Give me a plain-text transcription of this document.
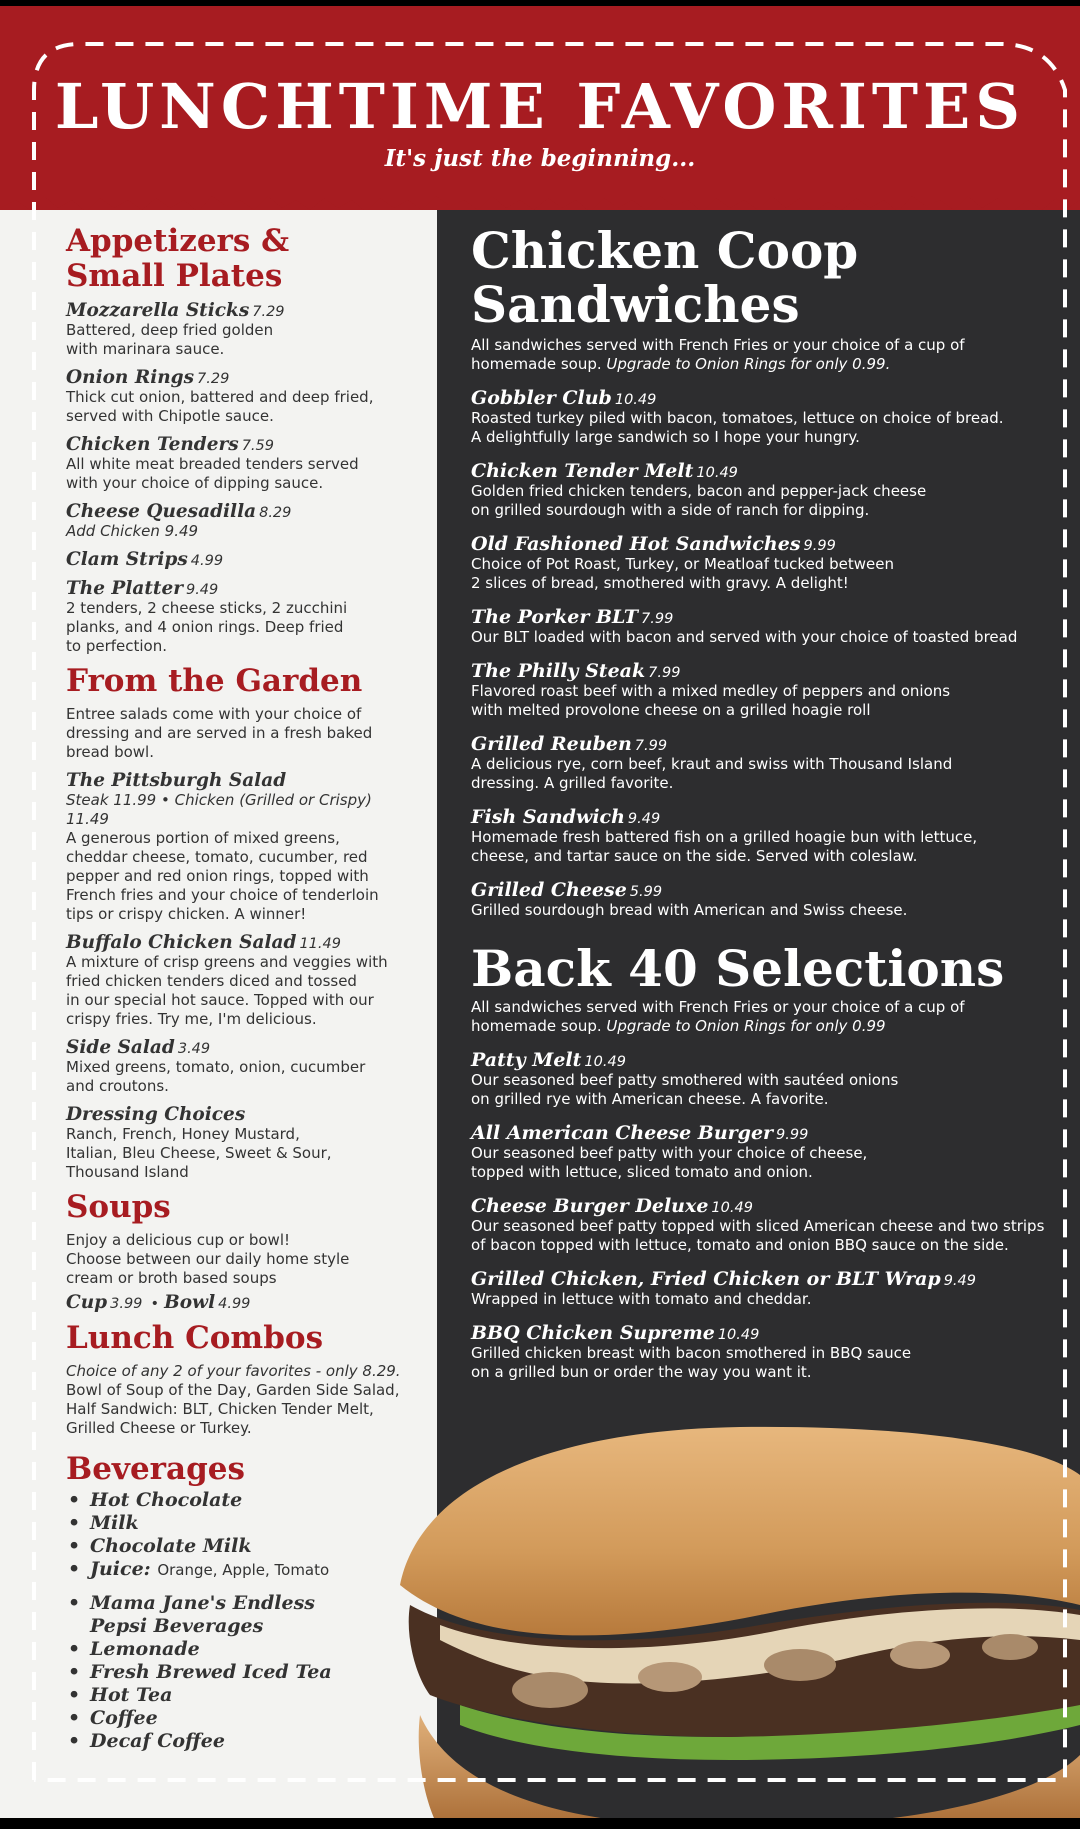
LUNCHTIME FAVORITES

It's just the beginning...

Appetizers &
Small Plates
Mozzarella Sticks 7.29
Battered, deep fried golden
with marinara sauce.
Onion Rings 7.29
Thick cut onion, battered and deep fried,
served with Chipotle sauce.
Chicken Tenders 7.59
All white meat breaded tenders served
with your choice of dipping sauce.
Cheese Quesadilla 8.29
Add Chicken 9.49
Clam Strips 4.99
The Platter 9.49
2 tenders, 2 cheese sticks, 2 zucchini
planks, and 4 onion rings. Deep fried
to perfection.
From the Garden
Entree salads come with your choice of
dressing and are served in a fresh baked
bread bowl.
The Pittsburgh Salad
Steak 11.99 • Chicken (Grilled or Crispy) 11.49
A generous portion of mixed greens,
cheddar cheese, tomato, cucumber, red
pepper and red onion rings, topped with
French fries and your choice of tenderloin
tips or crispy chicken. A winner!
Buffalo Chicken Salad 11.49
A mixture of crisp greens and veggies with
fried chicken tenders diced and tossed
in our special hot sauce. Topped with our
crispy fries. Try me, I'm delicious.
Side Salad 3.49
Mixed greens, tomato, onion, cucumber
and croutons.
Dressing Choices
Ranch, French, Honey Mustard,
Italian, Bleu Cheese, Sweet & Sour,
Thousand Island
Soups
Enjoy a delicious cup or bowl!
Choose between our daily home style
cream or broth based soups
Cup 3.99 • Bowl 4.99
Lunch Combos
Choice of any 2 of your favorites - only 8.29.
Bowl of Soup of the Day, Garden Side Salad,
Half Sandwich: BLT, Chicken Tender Melt,
Grilled Cheese or Turkey.
Beverages
• Hot Chocolate
• Milk
• Chocolate Milk
• Juice: Orange, Apple, Tomato
• Mama Jane's Endless
Pepsi Beverages
• Lemonade
• Fresh Brewed Iced Tea
• Hot Tea
• Coffee
• Decaf Coffee
Chicken Coop
Sandwiches
All sandwiches served with French Fries or your choice of a cup of
homemade soup. Upgrade to Onion Rings for only 0.99.
Gobbler Club 10.49
Roasted turkey piled with bacon, tomatoes, lettuce on choice of bread.
A delightfully large sandwich so I hope your hungry.
Chicken Tender Melt 10.49
Golden fried chicken tenders, bacon and pepper-jack cheese
on grilled sourdough with a side of ranch for dipping.
Old Fashioned Hot Sandwiches 9.99
Choice of Pot Roast, Turkey, or Meatloaf tucked between
2 slices of bread, smothered with gravy. A delight!
The Porker BLT 7.99
Our BLT loaded with bacon and served with your choice of toasted bread
The Philly Steak 7.99
Flavored roast beef with a mixed medley of peppers and onions
with melted provolone cheese on a grilled hoagie roll
Grilled Reuben 7.99
A delicious rye, corn beef, kraut and swiss with Thousand Island
dressing. A grilled favorite.
Fish Sandwich 9.49
Homemade fresh battered fish on a grilled hoagie bun with lettuce,
cheese, and tartar sauce on the side. Served with coleslaw.
Grilled Cheese 5.99
Grilled sourdough bread with American and Swiss cheese.
Back 40 Selections
All sandwiches served with French Fries or your choice of a cup of
homemade soup. Upgrade to Onion Rings for only 0.99
Patty Melt 10.49
Our seasoned beef patty smothered with sautéed onions
on grilled rye with American cheese. A favorite.
All American Cheese Burger 9.99
Our seasoned beef patty with your choice of cheese,
topped with lettuce, sliced tomato and onion.
Cheese Burger Deluxe 10.49
Our seasoned beef patty topped with sliced American cheese and two strips
of bacon topped with lettuce, tomato and onion BBQ sauce on the side.
Grilled Chicken, Fried Chicken or BLT Wrap 9.49
Wrapped in lettuce with tomato and cheddar.
BBQ Chicken Supreme 10.49
Grilled chicken breast with bacon smothered in BBQ sauce
on a grilled bun or order the way you want it.
